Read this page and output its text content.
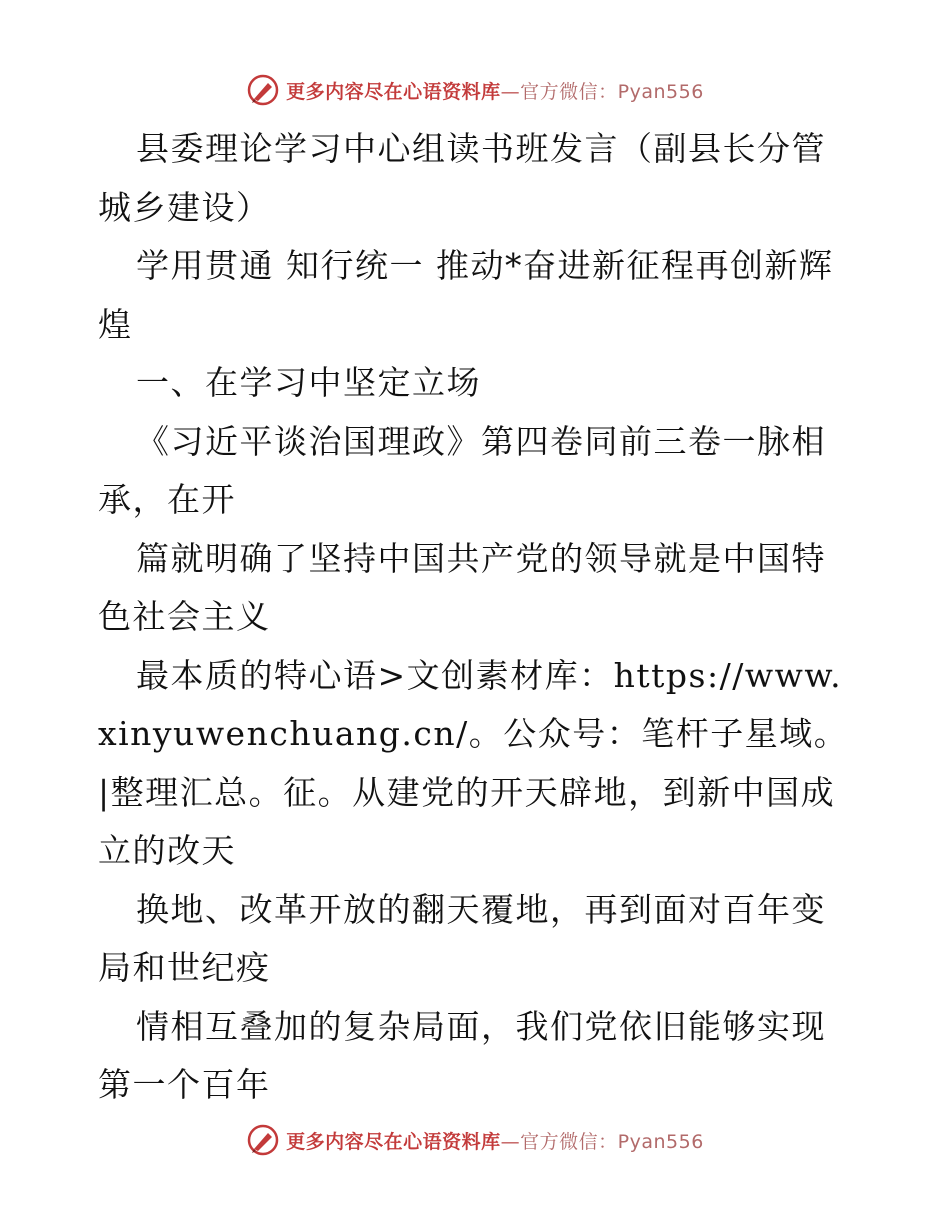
更多内容尽在心语资料库—官方微信：Pyan556

县委理论学习中心组读书班发言（副县长分管城乡建设）

学用贯通 知行统一 推动*奋进新征程再创新辉煌

一、在学习中坚定立场

《习近平谈治国理政》第四卷同前三卷一脉相承，在开

篇就明确了坚持中国共产党的领导就是中国特色社会主义

最本质的特心语>文创素材库：https://www.xinyuwenchuang.cn/。公众号：笔杆子星域。|整理汇总。征。从建党的开天辟地，到新中国成立的改天

换地、改革开放的翻天覆地，再到面对百年变局和世纪疫

情相互叠加的复杂局面，我们党依旧能够实现第一个百年

更多内容尽在心语资料库—官方微信：Pyan556
